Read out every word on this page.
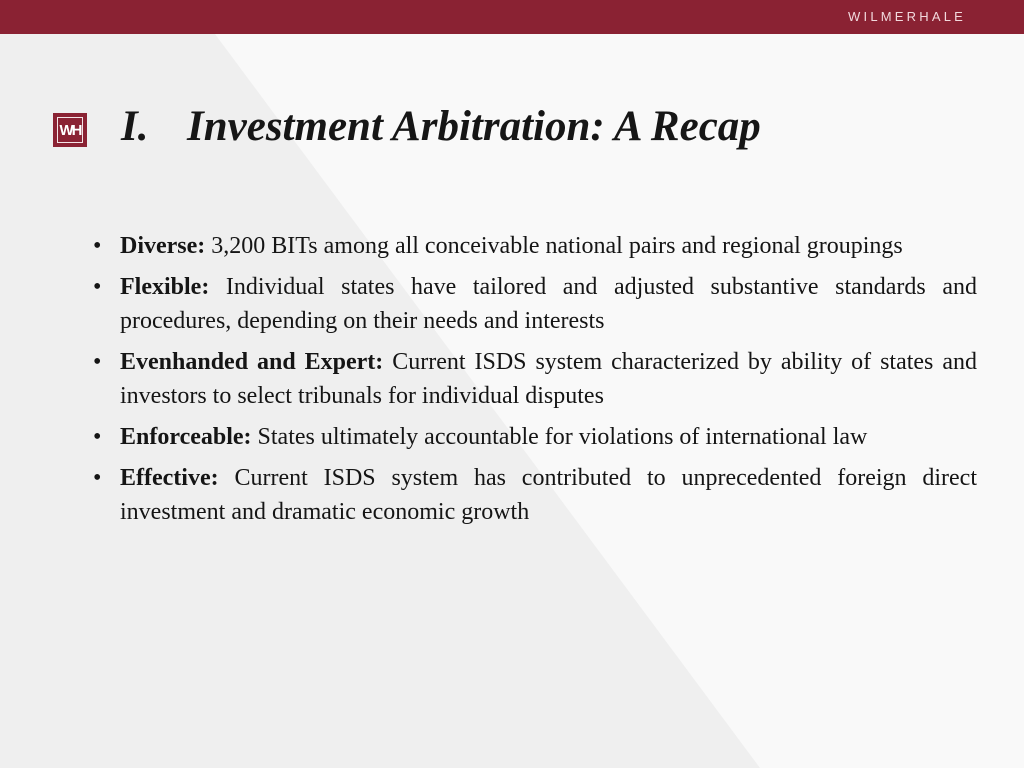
WILMERHALE
WH I. Investment Arbitration: A Recap
• Diverse: 3,200 BITs among all conceivable national pairs and regional groupings
• Flexible: Individual states have tailored and adjusted substantive standards and procedures, depending on their needs and interests
• Evenhanded and Expert: Current ISDS system characterized by ability of states and investors to select tribunals for individual disputes
• Enforceable: States ultimately accountable for violations of international law
• Effective: Current ISDS system has contributed to unprecedented foreign direct investment and dramatic economic growth
